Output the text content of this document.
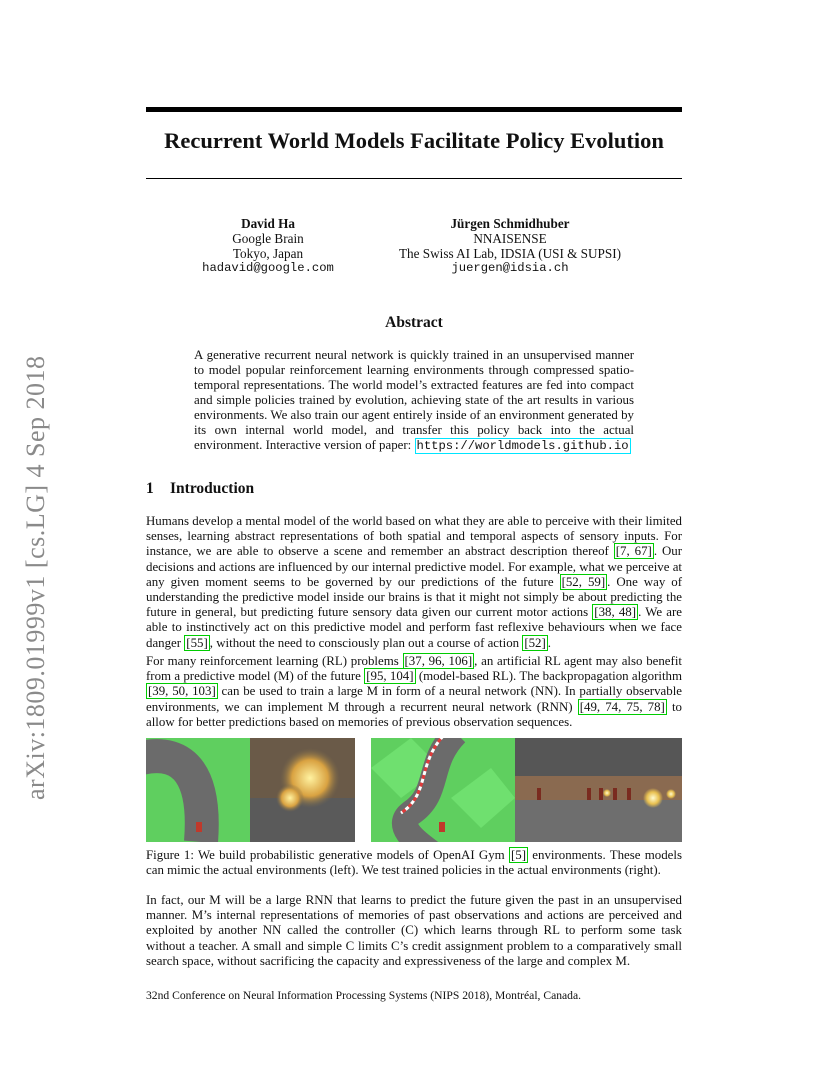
arXiv:1809.01999v1 [cs.LG] 4 Sep 2018
Recurrent World Models Facilitate Policy Evolution
David Ha
Google Brain
Tokyo, Japan
hadavid@google.com
Jürgen Schmidhuber
NNAISENSE
The Swiss AI Lab, IDSIA (USI & SUPSI)
juergen@idsia.ch
Abstract
A generative recurrent neural network is quickly trained in an unsupervised manner to model popular reinforcement learning environments through compressed spatio-temporal representations. The world model’s extracted features are fed into compact and simple policies trained by evolution, achieving state of the art results in various environments. We also train our agent entirely inside of an environment generated by its own internal world model, and transfer this policy back into the actual environment. Interactive version of paper: https://worldmodels.github.io
1 Introduction
Humans develop a mental model of the world based on what they are able to perceive with their limited senses, learning abstract representations of both spatial and temporal aspects of sensory inputs. For instance, we are able to observe a scene and remember an abstract description thereof [7, 67] . Our decisions and actions are influenced by our internal predictive model. For example, what we perceive at any given moment seems to be governed by our predictions of the future [52, 59] . One way of understanding the predictive model inside our brains is that it might not simply be about predicting the future in general, but predicting future sensory data given our current motor actions [38, 48] . We are able to instinctively act on this predictive model and perform fast reflexive behaviours when we face danger [55] , without the need to consciously plan out a course of action [52] .
For many reinforcement learning (RL) problems [37, 96, 106] , an artificial RL agent may also benefit from a predictive model (M) of the future [95, 104] (model-based RL). The backpropagation algorithm [39, 50, 103] can be used to train a large M in form of a neural network (NN). In partially observable environments, we can implement M through a recurrent neural network (RNN) [49, 74, 75, 78] to allow for better predictions based on memories of previous observation sequences.
Figure 1: We build probabilistic generative models of OpenAI Gym [5] environments. These models can mimic the actual environments (left). We test trained policies in the actual environments (right).
In fact, our M will be a large RNN that learns to predict the future given the past in an unsupervised manner. M’s internal representations of memories of past observations and actions are perceived and exploited by another NN called the controller (C) which learns through RL to perform some task without a teacher. A small and simple C limits C’s credit assignment problem to a comparatively small search space, without sacrificing the capacity and expressiveness of the large and complex M.
32nd Conference on Neural Information Processing Systems (NIPS 2018), Montréal, Canada.
